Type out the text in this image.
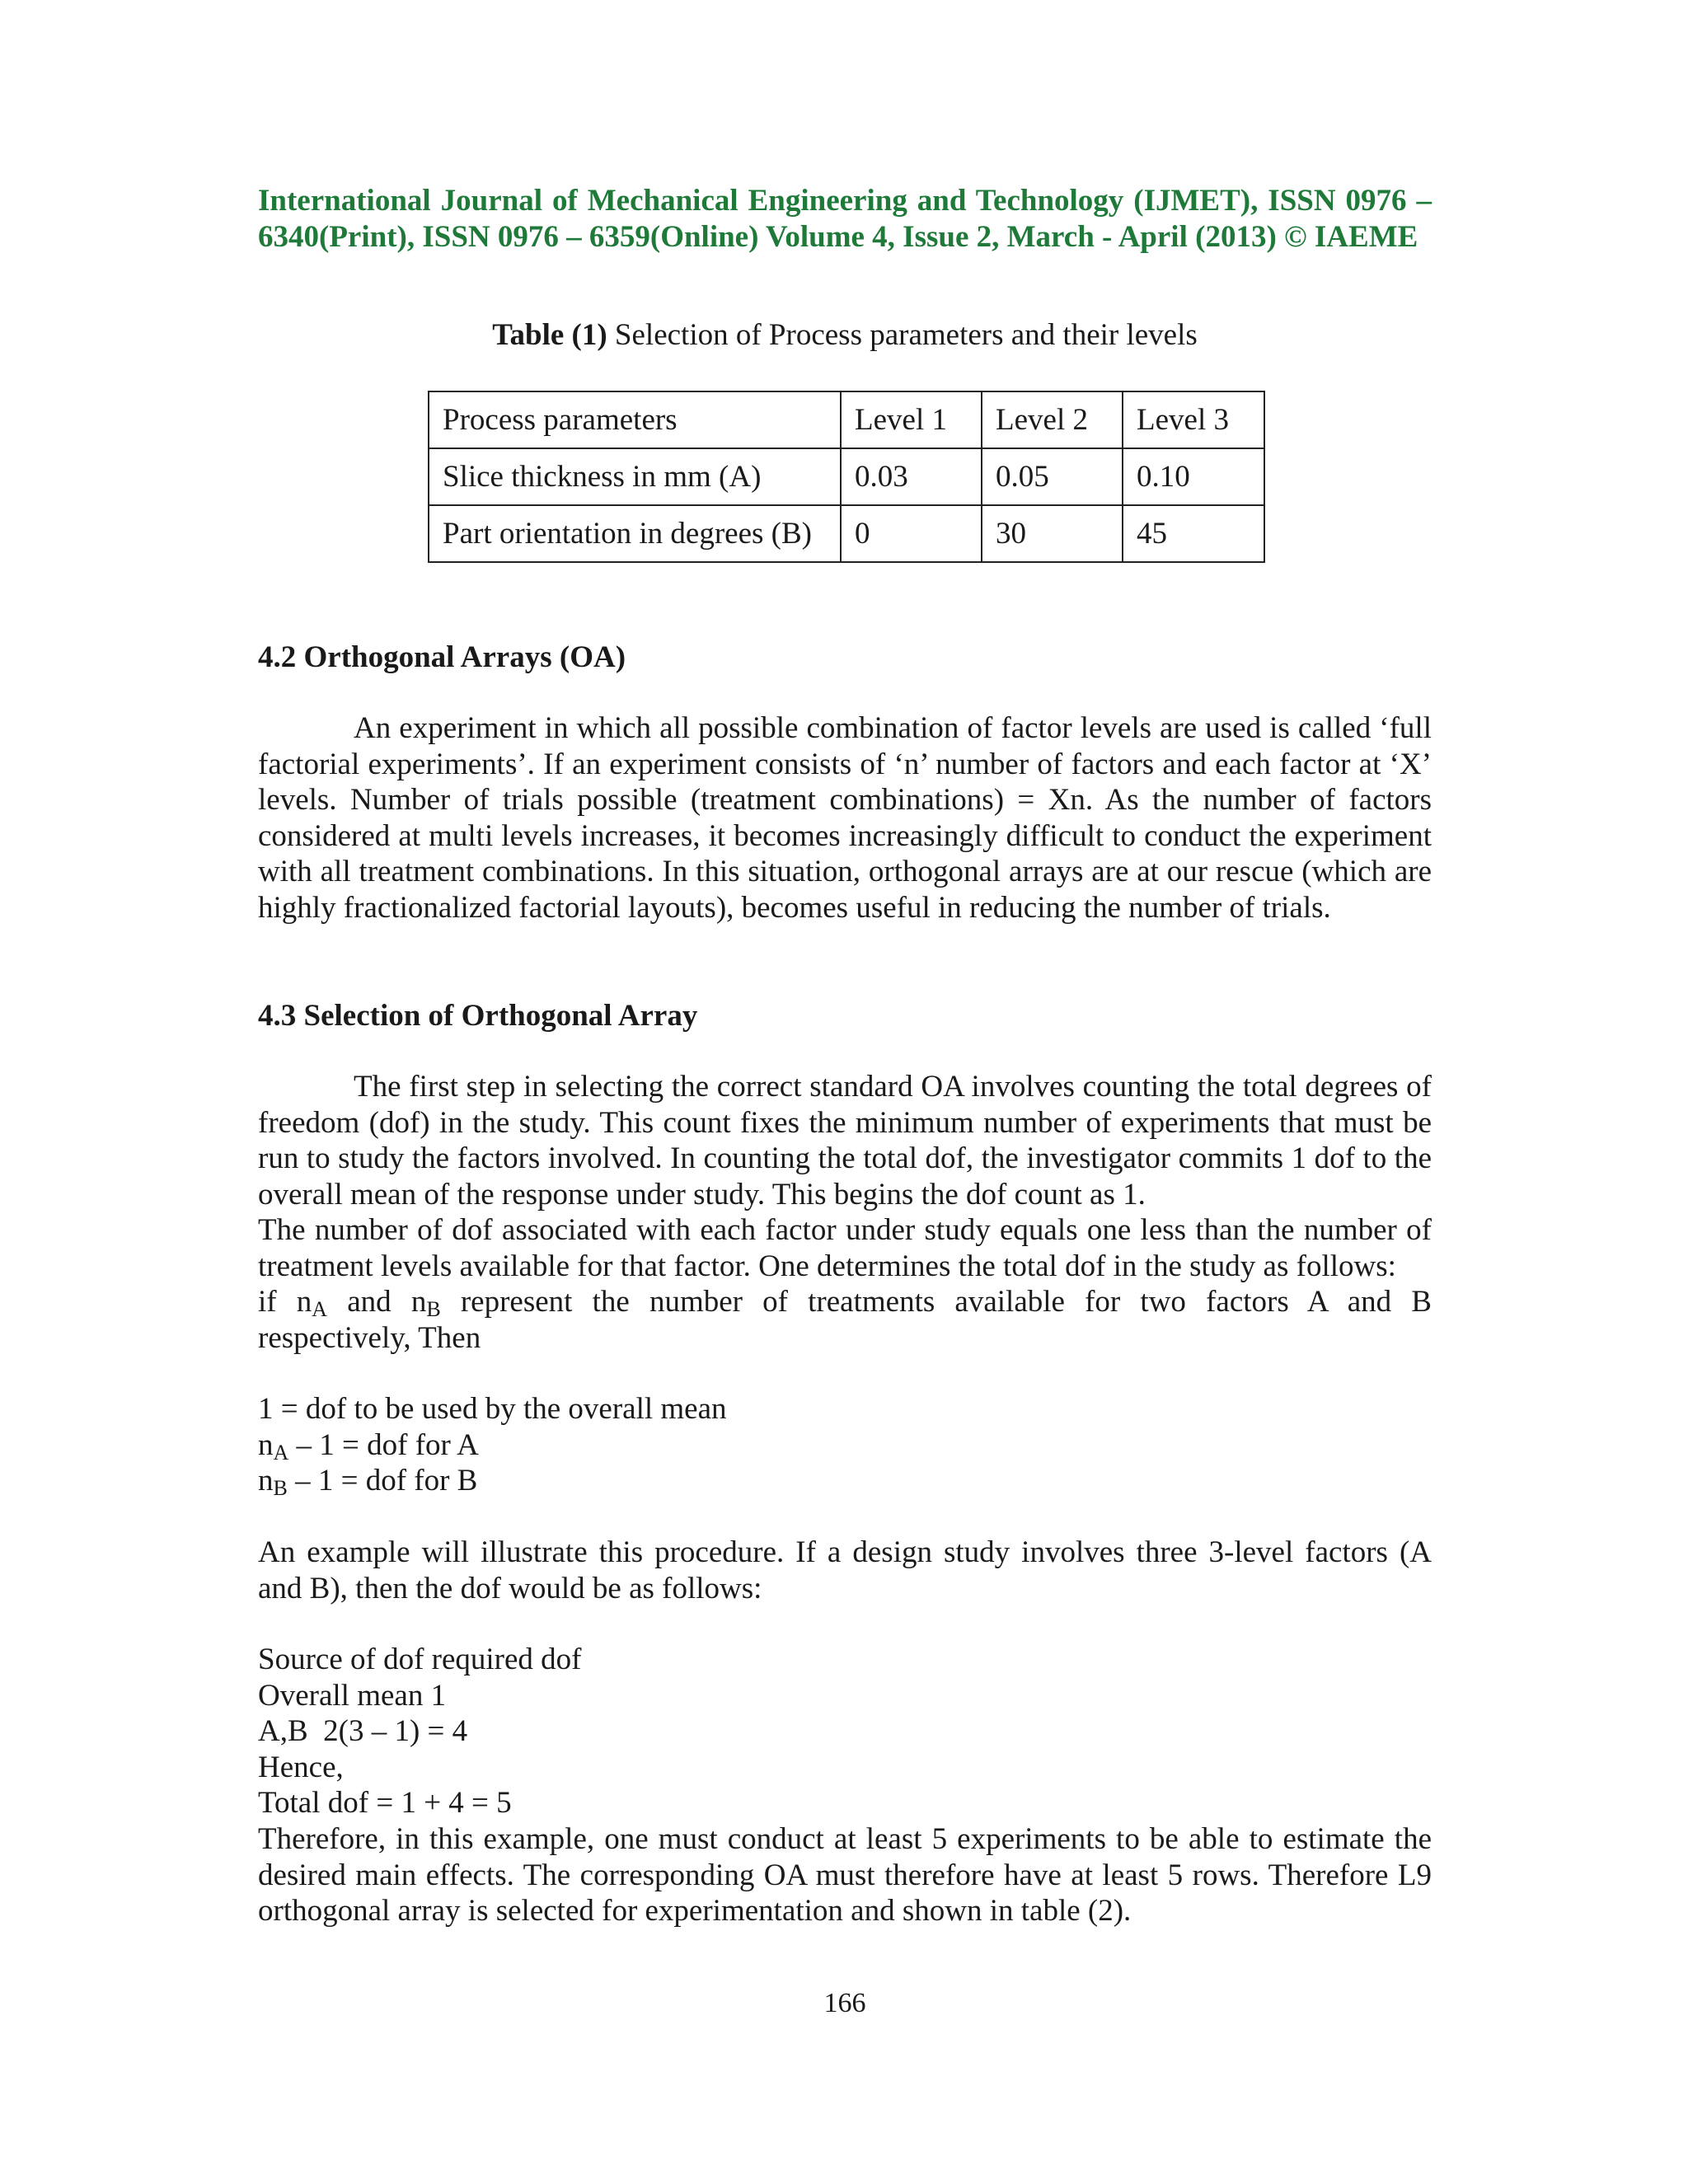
International Journal of Mechanical Engineering and Technology (IJMET), ISSN 0976 –
6340(Print), ISSN 0976 – 6359(Online) Volume 4, Issue 2, March - April (2013) © IAEME
Table (1) Selection of Process parameters and their levels
Process parameters	Level 1	Level 2	Level 3
Slice thickness in mm (A)	0.03	0.05	0.10
Part orientation in degrees (B)	0	30	45
4.2 Orthogonal Arrays (OA)

An experiment in which all possible combination of factor levels are used is called ‘full factorial experiments’. If an experiment consists of ‘n’ number of factors and each factor at ‘X’ levels. Number of trials possible (treatment combinations) = Xn. As the number of factors considered at multi levels increases, it becomes increasingly difficult to conduct the experiment with all treatment combinations. In this situation, orthogonal arrays are at our rescue (which are highly fractionalized factorial layouts), becomes useful in reducing the number of trials.

4.3 Selection of Orthogonal Array

The first step in selecting the correct standard OA involves counting the total degrees of freedom (dof) in the study. This count fixes the minimum number of experiments that must be run to study the factors involved. In counting the total dof, the investigator commits 1 dof to the overall mean of the response under study. This begins the dof count as 1.

The number of dof associated with each factor under study equals one less than the number of treatment levels available for that factor. One determines the total dof in the study as follows:

if $n_A$ and $n_B$ represent the number of treatments available for two factors A and B
respectively, Then
1 = dof to be used by the overall mean
$n_A - 1$ = dof for A
$n_B - 1$ = dof for B
An example will illustrate this procedure. If a design study involves three 3-level factors (A
and B), then the dof would be as follows:
Source of dof required dof
Overall mean 1
A,B  2(3 – 1) = 4
Hence,
Total dof = 1 + 4 = 5

Therefore, in this example, one must conduct at least 5 experiments to be able to estimate the desired main effects. The corresponding OA must therefore have at least 5 rows. Therefore L9 orthogonal array is selected for experimentation and shown in table (2).

166
